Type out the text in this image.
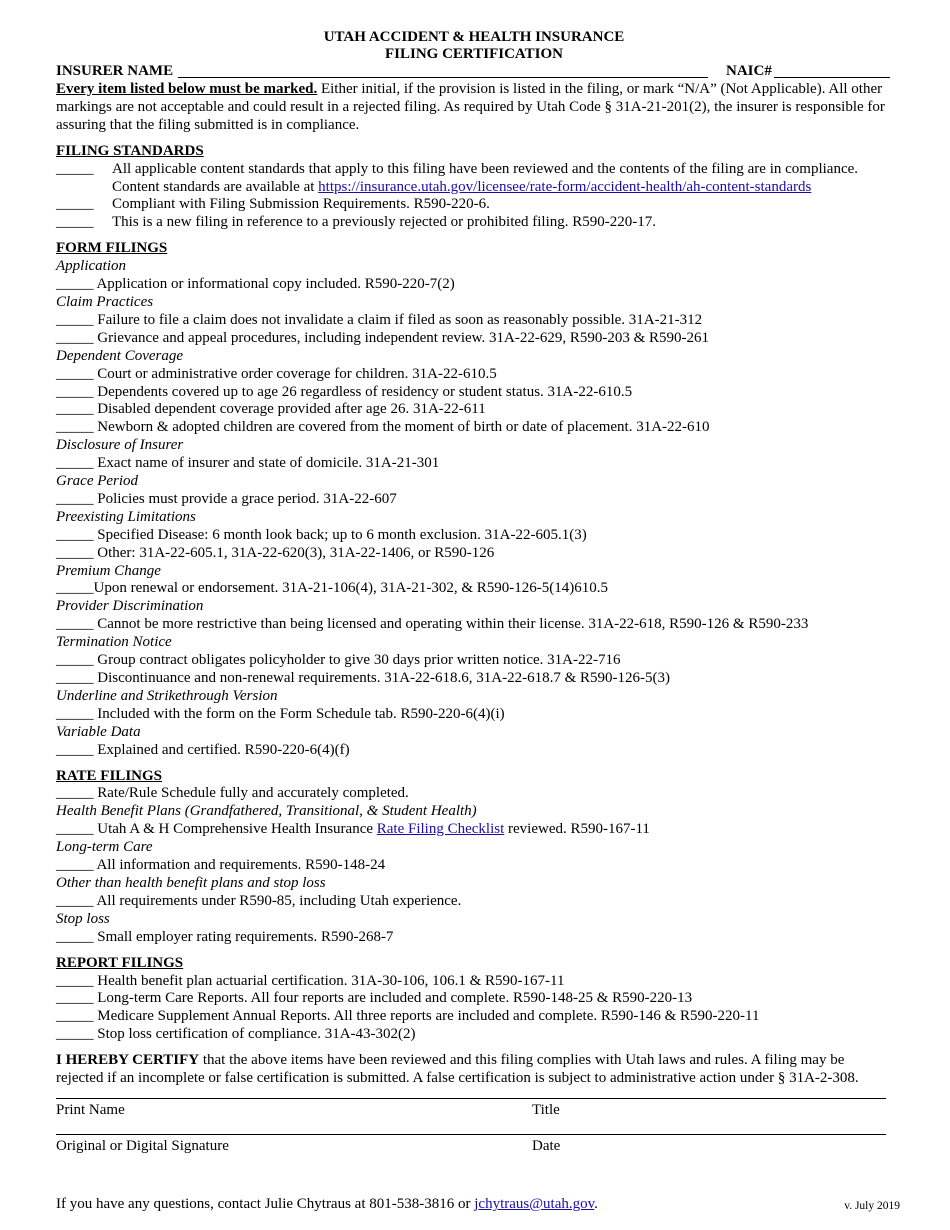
UTAH ACCIDENT & HEALTH INSURANCE
FILING CERTIFICATION
INSURER NAME	NAIC#

Every item listed below must be marked. Either initial, if the provision is listed in the filing, or mark “N/A” (Not Applicable). All other markings are not acceptable and could result in a rejected filing. As required by Utah Code § 31A-21-201(2), the insurer is responsible for assuring that the filing submitted is in compliance.

FILING STANDARDS
_____ All applicable content standards that apply to this filing have been reviewed and the contents of the filing are in compliance. Content standards are available at https://insurance.utah.gov/licensee/rate-form/accident-health/ah-content-standards
_____ Compliant with Filing Submission Requirements. R590-220-6.
_____ This is a new filing in reference to a previously rejected or prohibited filing. R590-220-17.
FORM FILINGS
Application
_____ Application or informational copy included. R590-220-7(2)
Claim Practices
_____ Failure to file a claim does not invalidate a claim if filed as soon as reasonably possible. 31A-21-312
_____ Grievance and appeal procedures, including independent review. 31A-22-629, R590-203 & R590-261
Dependent Coverage
_____ Court or administrative order coverage for children. 31A-22-610.5
_____ Dependents covered up to age 26 regardless of residency or student status. 31A-22-610.5
_____ Disabled dependent coverage provided after age 26. 31A-22-611
_____ Newborn & adopted children are covered from the moment of birth or date of placement. 31A-22-610
Disclosure of Insurer
_____ Exact name of insurer and state of domicile. 31A-21-301
Grace Period
_____ Policies must provide a grace period. 31A-22-607
Preexisting Limitations
_____ Specified Disease: 6 month look back; up to 6 month exclusion. 31A-22-605.1(3)
_____ Other: 31A-22-605.1, 31A-22-620(3), 31A-22-1406, or R590-126
Premium Change
_____Upon renewal or endorsement. 31A-21-106(4), 31A-21-302, & R590-126-5(14)610.5
Provider Discrimination
_____ Cannot be more restrictive than being licensed and operating within their license. 31A-22-618, R590-126 & R590-233
Termination Notice
_____ Group contract obligates policyholder to give 30 days prior written notice. 31A-22-716
_____ Discontinuance and non-renewal requirements. 31A-22-618.6, 31A-22-618.7 & R590-126-5(3)
Underline and Strikethrough Version
_____ Included with the form on the Form Schedule tab. R590-220-6(4)(i)
Variable Data
_____ Explained and certified. R590-220-6(4)(f)
RATE FILINGS
_____ Rate/Rule Schedule fully and accurately completed.
Health Benefit Plans (Grandfathered, Transitional, & Student Health)
_____ Utah A & H Comprehensive Health Insurance Rate Filing Checklist reviewed. R590-167-11
Long-term Care
_____ All information and requirements. R590-148-24
Other than health benefit plans and stop loss
_____ All requirements under R590-85, including Utah experience.
Stop loss
_____ Small employer rating requirements. R590-268-7
REPORT FILINGS
_____ Health benefit plan actuarial certification. 31A-30-106, 106.1 & R590-167-11
_____ Long-term Care Reports. All four reports are included and complete. R590-148-25 & R590-220-13
_____ Medicare Supplement Annual Reports. All three reports are included and complete. R590-146 & R590-220-11
_____ Stop loss certification of compliance. 31A-43-302(2)

I HEREBY CERTIFY that the above items have been reviewed and this filing complies with Utah laws and rules. A filing may be rejected if an incomplete or false certification is submitted. A false certification is subject to administrative action under § 31A-2-308.

Print Name	Title
Original or Digital Signature	Date
If you have any questions, contact Julie Chytraus at 801-538-3816 or jchytraus@utah.gov.	v. July 2019
